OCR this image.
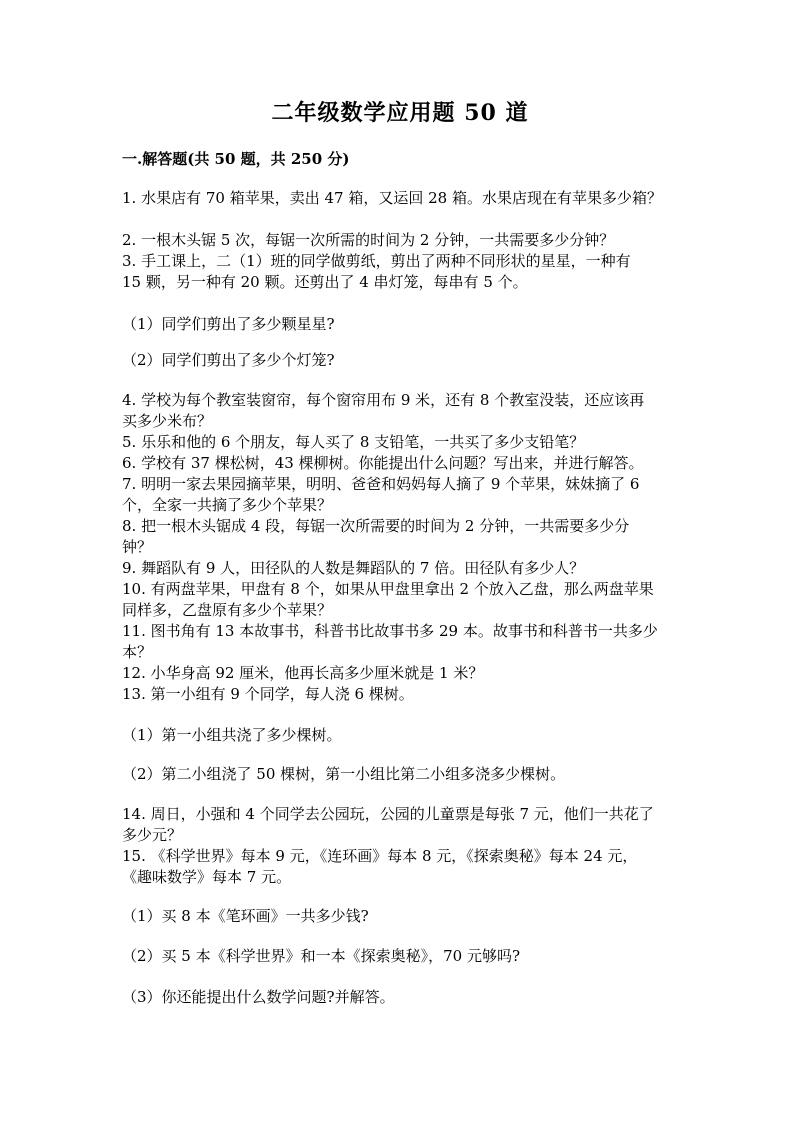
二年级数学应用题 50 道
一.解答题(共 50 题，共 250 分)
1. 水果店有 70 箱苹果，卖出 47 箱，又运回 28 箱。水果店现在有苹果多少箱？
2. 一根木头锯 5 次，每锯一次所需的时间为 2 分钟，一共需要多少分钟？
3. 手工课上，二（1）班的同学做剪纸，剪出了两种不同形状的星星，一种有
15 颗，另一种有 20 颗。还剪出了 4 串灯笼，每串有 5 个。
（1）同学们剪出了多少颗星星?
（2）同学们剪出了多少个灯笼?
4. 学校为每个教室装窗帘，每个窗帘用布 9 米，还有 8 个教室没装，还应该再
买多少米布？
5. 乐乐和他的 6 个朋友，每人买了 8 支铅笔，一共买了多少支铅笔？
6. 学校有 37 棵松树，43 棵柳树。你能提出什么问题？写出来，并进行解答。
7. 明明一家去果园摘苹果，明明、爸爸和妈妈每人摘了 9 个苹果，妹妹摘了 6
个，全家一共摘了多少个苹果？
8. 把一根木头锯成 4 段，每锯一次所需要的时间为 2 分钟，一共需要多少分
钟？
9. 舞蹈队有 9 人，田径队的人数是舞蹈队的 7 倍。田径队有多少人？
10. 有两盘苹果，甲盘有 8 个，如果从甲盘里拿出 2 个放入乙盘，那么两盘苹果
同样多，乙盘原有多少个苹果？
11. 图书角有 13 本故事书，科普书比故事书多 29 本。故事书和科普书一共多少
本？
12. 小华身高 92 厘米，他再长高多少厘米就是 1 米？
13. 第一小组有 9 个同学，每人浇 6 棵树。
（1）第一小组共浇了多少棵树。
（2）第二小组浇了 50 棵树，第一小组比第二小组多浇多少棵树。
14. 周日，小强和 4 个同学去公园玩，公园的儿童票是每张 7 元，他们一共花了
多少元？
15. 《科学世界》每本 9 元，《连环画》每本 8 元，《探索奥秘》每本 24 元，
《趣味数学》每本 7 元。
（1）买 8 本《笔环画》一共多少钱?
（2）买 5 本《科学世界》和一本《探索奥秘》，70 元够吗?
（3）你还能提出什么数学问题?并解答。
